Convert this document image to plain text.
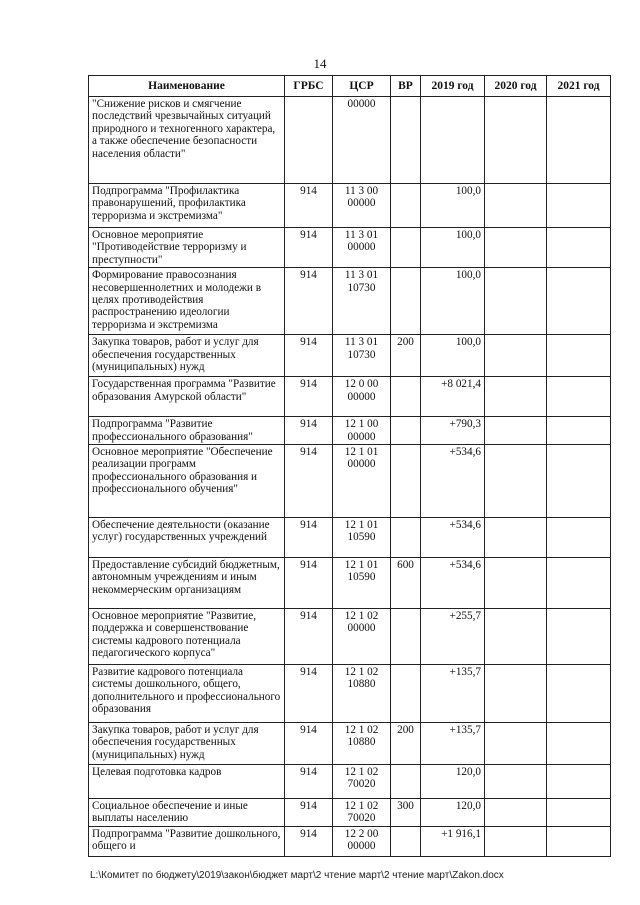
14
Наименование	ГРБС	ЦСР	ВР	2019 год	2020 год	2021 год
"Снижение рисков и смягчение последствий чрезвычайных ситуаций природного и техногенного характера, а также обеспечение безопасности населения области"		00000				
Подпрограмма "Профилактика правонарушений, профилактика терроризма и экстремизма"	914	11 3 00 00000		100,0		
Основное мероприятие "Противодействие терроризму и преступности"	914	11 3 01 00000		100,0		
Формирование правосознания несовершеннолетних и молодежи в целях противодействия распространению идеологии терроризма и экстремизма	914	11 3 01 10730		100,0		
Закупка товаров, работ и услуг для обеспечения государственных (муниципальных) нужд	914	11 3 01 10730	200	100,0		
Государственная программа "Развитие образования Амурской области"	914	12 0 00 00000		+8 021,4		
Подпрограмма "Развитие профессионального образования"	914	12 1 00 00000		+790,3		
Основное мероприятие "Обеспечение реализации программ профессионального образования и профессионального обучения"	914	12 1 01 00000		+534,6		
Обеспечение деятельности (оказание услуг) государственных учреждений	914	12 1 01 10590		+534,6		
Предоставление субсидий бюджетным, автономным учреждениям и иным некоммерческим организациям	914	12 1 01 10590	600	+534,6		
Основное мероприятие "Развитие, поддержка и совершенствование системы кадрового потенциала педагогического корпуса"	914	12 1 02 00000		+255,7		
Развитие кадрового потенциала системы дошкольного, общего, дополнительного и профессионального образования	914	12 1 02 10880		+135,7		
Закупка товаров, работ и услуг для обеспечения государственных (муниципальных) нужд	914	12 1 02 10880	200	+135,7		
Целевая подготовка кадров	914	12 1 02 70020		120,0		
Социальное обеспечение и иные выплаты населению	914	12 1 02 70020	300	120,0		
Подпрограмма "Развитие дошкольного, общего и	914	12 2 00 00000		+1 916,1		
L:\Комитет по бюджету\2019\закон\бюджет март\2 чтение март\2 чтение март\Zakon.docx
